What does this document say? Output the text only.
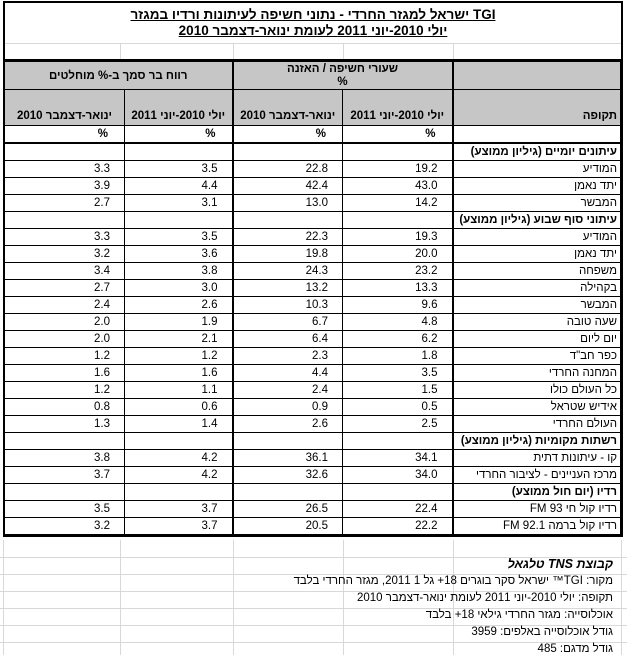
TGI ישראל למגזר החרדי - נתוני חשיפה לעיתונות ורדיו במגזר
יולי 2010-יוני 2011 לעומת ינואר-דצמבר 2010
	שעורי חשיפה / האזנה
%		רווח בר סמך ב-% מוחלטים	
תקופה	יולי 2010-יוני 2011	ינואר-דצמבר 2010	יולי 2010-יוני 2011	ינואר-דצמבר 2010
	%	%	%	%
עיתונים יומיים (גיליון ממוצע)				
המודיע	19.2	22.8	3.5	3.3
יתד נאמן	43.0	42.4	4.4	3.9
המבשר	14.2	13.0	3.1	2.7
עיתוני סוף שבוע (גיליון ממוצע)				
המודיע	19.3	22.3	3.5	3.3
יתד נאמן	20.0	19.8	3.6	3.2
משפחה	23.2	24.3	3.8	3.4
בקהילה	13.3	13.2	3.0	2.7
המבשר	9.6	10.3	2.6	2.4
שעה טובה	4.8	6.7	1.9	2.0
יום ליום	6.2	6.4	2.1	2.0
כפר חב"ד	1.8	2.3	1.2	1.2
המחנה החרדי	3.5	4.4	1.6	1.6
כל העולם כולו	1.5	2.4	1.1	1.2
אידיש שטראל	0.5	0.9	0.6	0.8
העולם החרדי	2.5	2.6	1.4	1.3
רשתות מקומיות (גיליון ממוצע)				
קו - עיתונות דתית	34.1	36.1	4.2	3.8
מרכז העניינים - לציבור החרדי	34.0	32.6	4.2	3.7
רדיו (יום חול ממוצע)				
רדיו קול חי FM 93	22.4	26.5	3.7	3.5
רדיו קול ברמה FM 92.1	22.2	20.5	3.7	3.2
קבוצת TNS טלגאל
מקור: TGI™ ישראל סקר בוגרים 18+ גל 1 2011, מגזר החרדי בלבד
תקופה: יולי 2010-יוני 2011 לעומת ינואר-דצמבר 2010
אוכלוסייה: מגזר החרדי גילאי 18+ בלבד
גודל אוכלוסייה באלפים: 3959
גודל מדגם: 485
